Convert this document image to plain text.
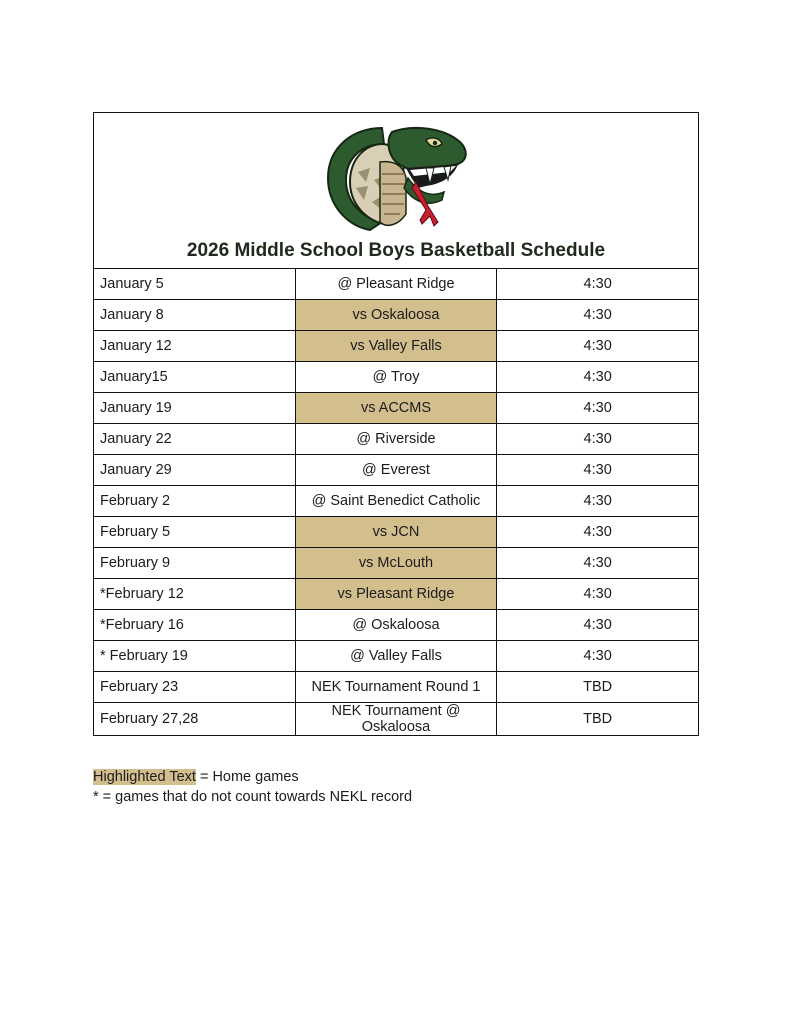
2026 Middle School Boys Basketball Schedule		

January 5	@ Pleasant Ridge	4:30
January 8	vs Oskaloosa	4:30
January 12	vs Valley Falls	4:30
January15	@ Troy	4:30
January 19	vs ACCMS	4:30
January 22	@ Riverside	4:30
January 29	@ Everest	4:30
February 2	@ Saint Benedict Catholic	4:30
February 5	vs JCN	4:30
February 9	vs McLouth	4:30
*February 12	vs Pleasant Ridge	4:30
*February 16	@ Oskaloosa	4:30
* February 19	@ Valley Falls	4:30
February 23	NEK Tournament Round 1	TBD
February 27,28	NEK Tournament @ Oskaloosa	TBD
Highlighted Text = Home games
* = games that do not count towards NEKL record
